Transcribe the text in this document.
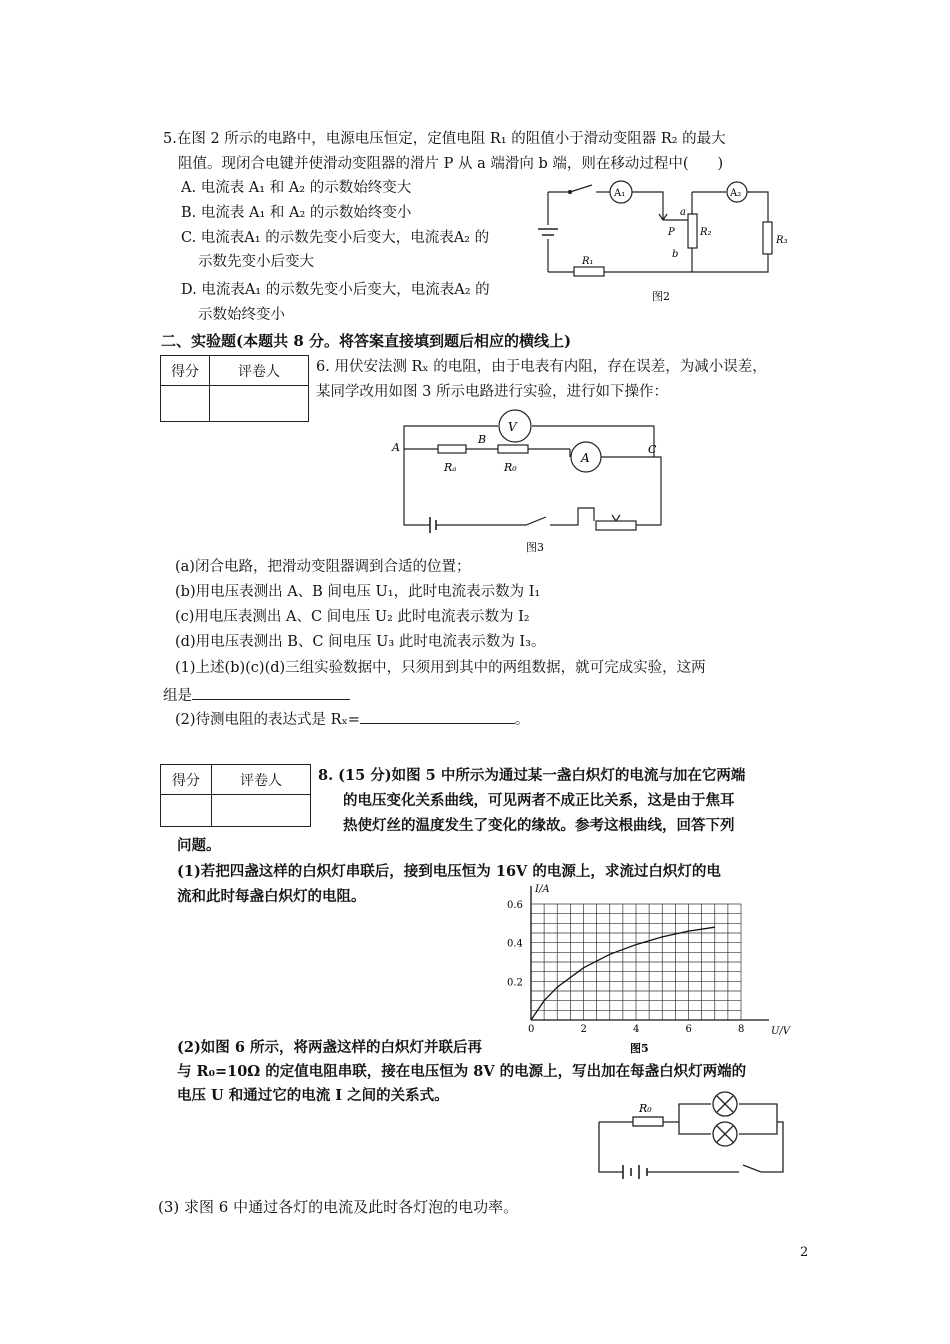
5.在图 2 所示的电路中，电源电压恒定，定值电阻 R₁ 的阻值小于滑动变阻器 R₂ 的最大
阻值。现闭合电键并使滑动变阻器的滑片 P 从 a 端滑向 b 端，则在移动过程中(　　)
A. 电流表 A₁ 和 A₂ 的示数始终变大
B. 电流表 A₁ 和 A₂ 的示数始终变小
C. 电流表A₁ 的示数先变小后变大，电流表A₂ 的
示数先变小后变大
D. 电流表A₁ 的示数先变小后变大，电流表A₂ 的
示数始终变小
A₁	A₂
a
P
b
R₂
R₃
R₁
图2
二、实验题(本题共 8 分。将答案直接填到题后相应的横线上)
得分	评卷人
	6. 用伏安法测 Rₓ 的电阻，由于电表有内阻，存在误差，为减小误差，
某同学改用如图 3 所示电路进行实验，进行如下操作：
V
A
A
B
C
Rₐ	R₀
图3
(a)闭合电路，把滑动变阻器调到合适的位置；
(b)用电压表测出 A、B 间电压 U₁，此时电流表示数为 I₁
(c)用电压表测出 A、C 间电压 U₂ 此时电流表示数为 I₂
(d)用电压表测出 B、C 间电压 U₃ 此时电流表示数为 I₃。
(1)上述(b)(c)(d)三组实验数据中，只须用到其中的两组数据，就可完成实验，这两
组是
(2)待测电阻的表达式是 Rₓ=	。
得分	评卷人
	8. (15 分)如图 5 中所示为通过某一盏白炽灯的电流与加在它两端
的电压变化关系曲线，可见两者不成正比关系，这是由于焦耳
热使灯丝的温度发生了变化的缘故。参考这根曲线，回答下列
问题。
(1)若把四盏这样的白炽灯串联后，接到电压恒为 16V 的电源上，求流过白炽灯的电
流和此时每盏白炽灯的电阻。
0	2	4	6	8
0.2
0.4
0.6
U/V
I/A
图5
(2)如图 6 所示，将两盏这样的白炽灯并联后再
与 R₀=10Ω 的定值电阻串联，接在电压恒为 8V 的电源上，写出加在每盏白炽灯两端的
电压 U 和通过它的电流 I 之间的关系式。
R₀
(3) 求图 6 中通过各灯的电流及此时各灯泡的电功率。
2
